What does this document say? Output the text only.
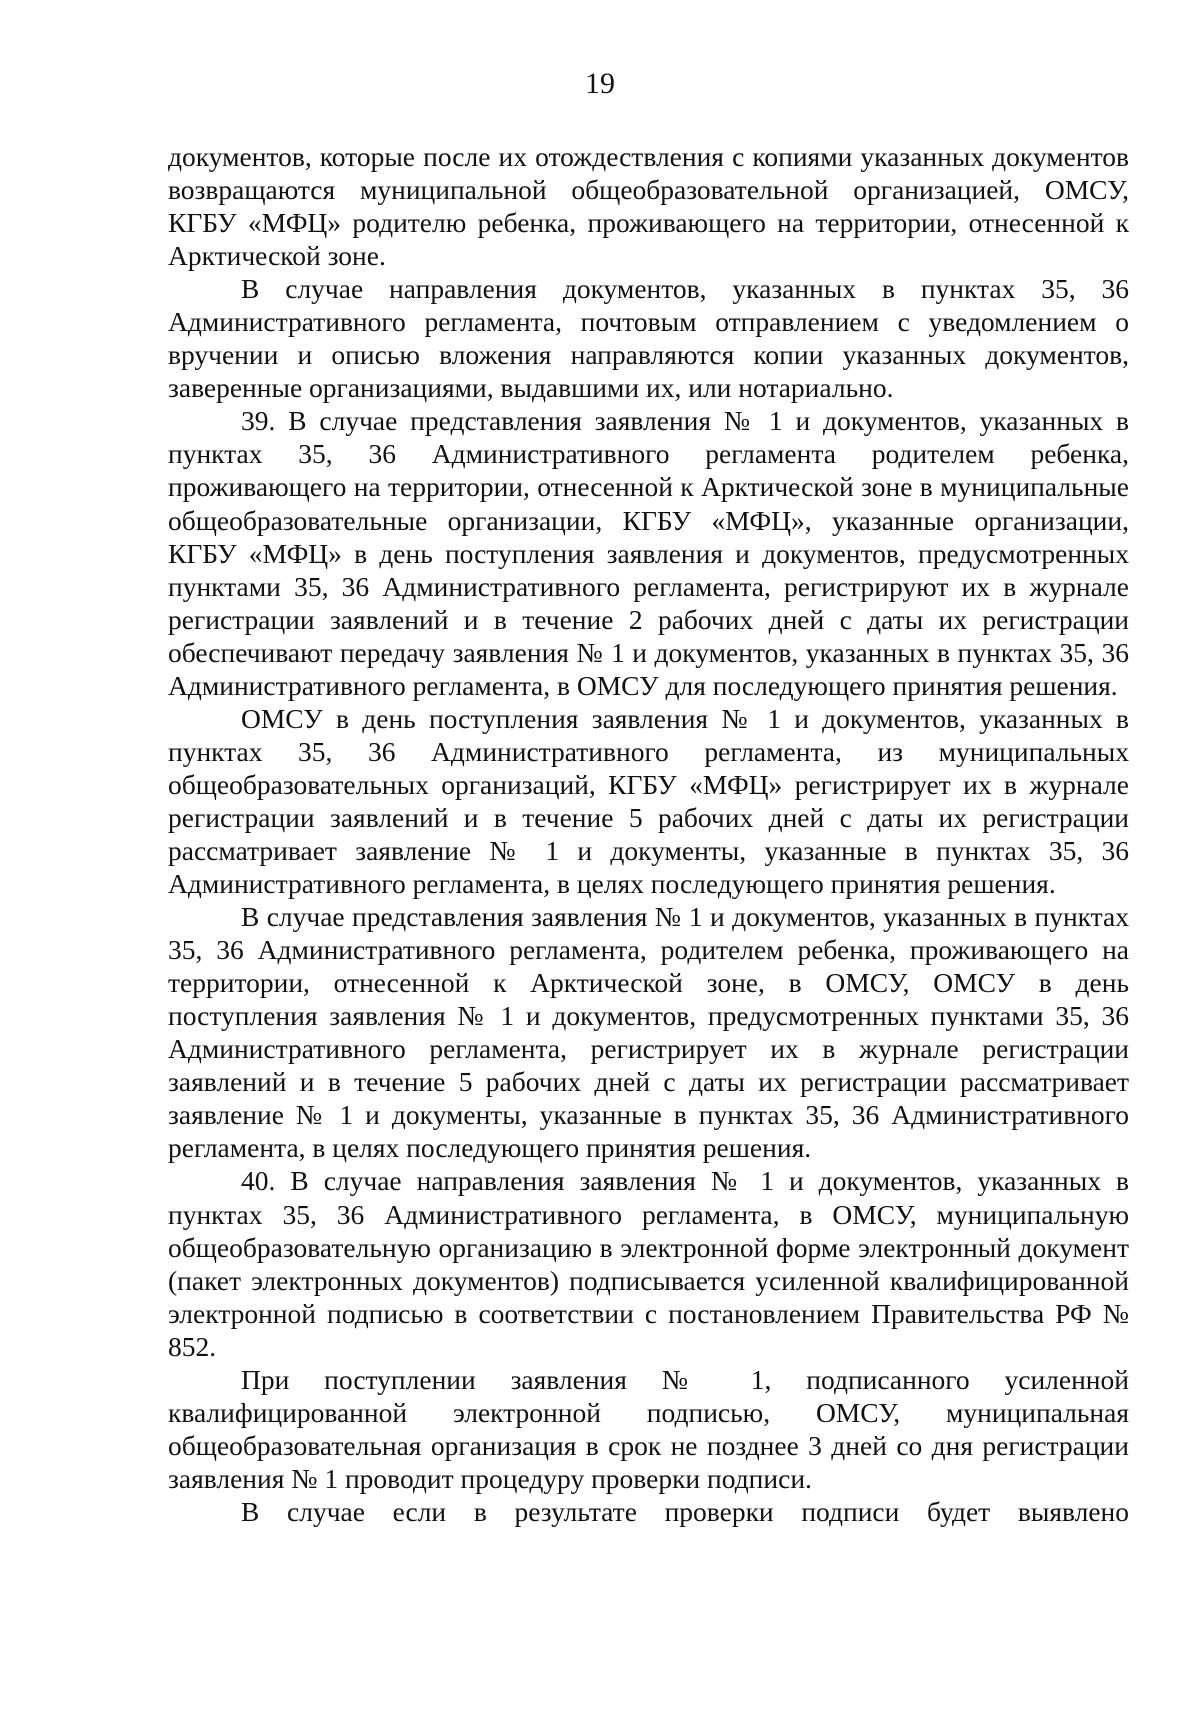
19

документов, которые после их отождествления с копиями указанных документов возвращаются муниципальной общеобразовательной организацией, ОМСУ, КГБУ «МФЦ» родителю ребенка, проживающего на территории, отнесенной к Арктической зоне.

В случае направления документов, указанных в пунктах 35, 36 Административного регламента, почтовым отправлением с уведомлением о вручении и описью вложения направляются копии указанных документов, заверенные организациями, выдавшими их, или нотариально.

39. В случае представления заявления № 1 и документов, указанных в пунктах 35, 36 Административного регламента родителем ребенка, проживающего на территории, отнесенной к Арктической зоне в муниципальные общеобразовательные организации, КГБУ «МФЦ», указанные организации, КГБУ «МФЦ» в день поступления заявления и документов, предусмотренных пунктами 35, 36 Административного регламента, регистрируют их в журнале регистрации заявлений и в течение 2 рабочих дней с даты их регистрации обеспечивают передачу заявления № 1 и документов, указанных в пунктах 35, 36 Административного регламента, в ОМСУ для последующего принятия решения.

ОМСУ в день поступления заявления № 1 и документов, указанных в пунктах 35, 36 Административного регламента, из муниципальных общеобразовательных организаций, КГБУ «МФЦ» регистрирует их в журнале регистрации заявлений и в течение 5 рабочих дней с даты их регистрации рассматривает заявление № 1 и документы, указанные в пунктах 35, 36 Административного регламента, в целях последующего принятия решения.

В случае представления заявления № 1 и документов, указанных в пунктах 35, 36 Административного регламента, родителем ребенка, проживающего на территории, отнесенной к Арктической зоне, в ОМСУ, ОМСУ в день поступления заявления № 1 и документов, предусмотренных пунктами 35, 36 Административного регламента, регистрирует их в журнале регистрации заявлений и в течение 5 рабочих дней с даты их регистрации рассматривает заявление № 1 и документы, указанные в пунктах 35, 36 Административного регламента, в целях последующего принятия решения.

40. В случае направления заявления № 1 и документов, указанных в пунктах 35, 36 Административного регламента, в ОМСУ, муниципальную общеобразовательную организацию в электронной форме электронный документ (пакет электронных документов) подписывается усиленной квалифицированной электронной подписью в соответствии с постановлением Правительства РФ № 852.

При поступлении заявления № 1, подписанного усиленной квалифицированной электронной подписью, ОМСУ, муниципальная общеобразовательная организация в срок не позднее 3 дней со дня регистрации заявления № 1 проводит процедуру проверки подписи.

В случае если в результате проверки подписи будет выявлено
